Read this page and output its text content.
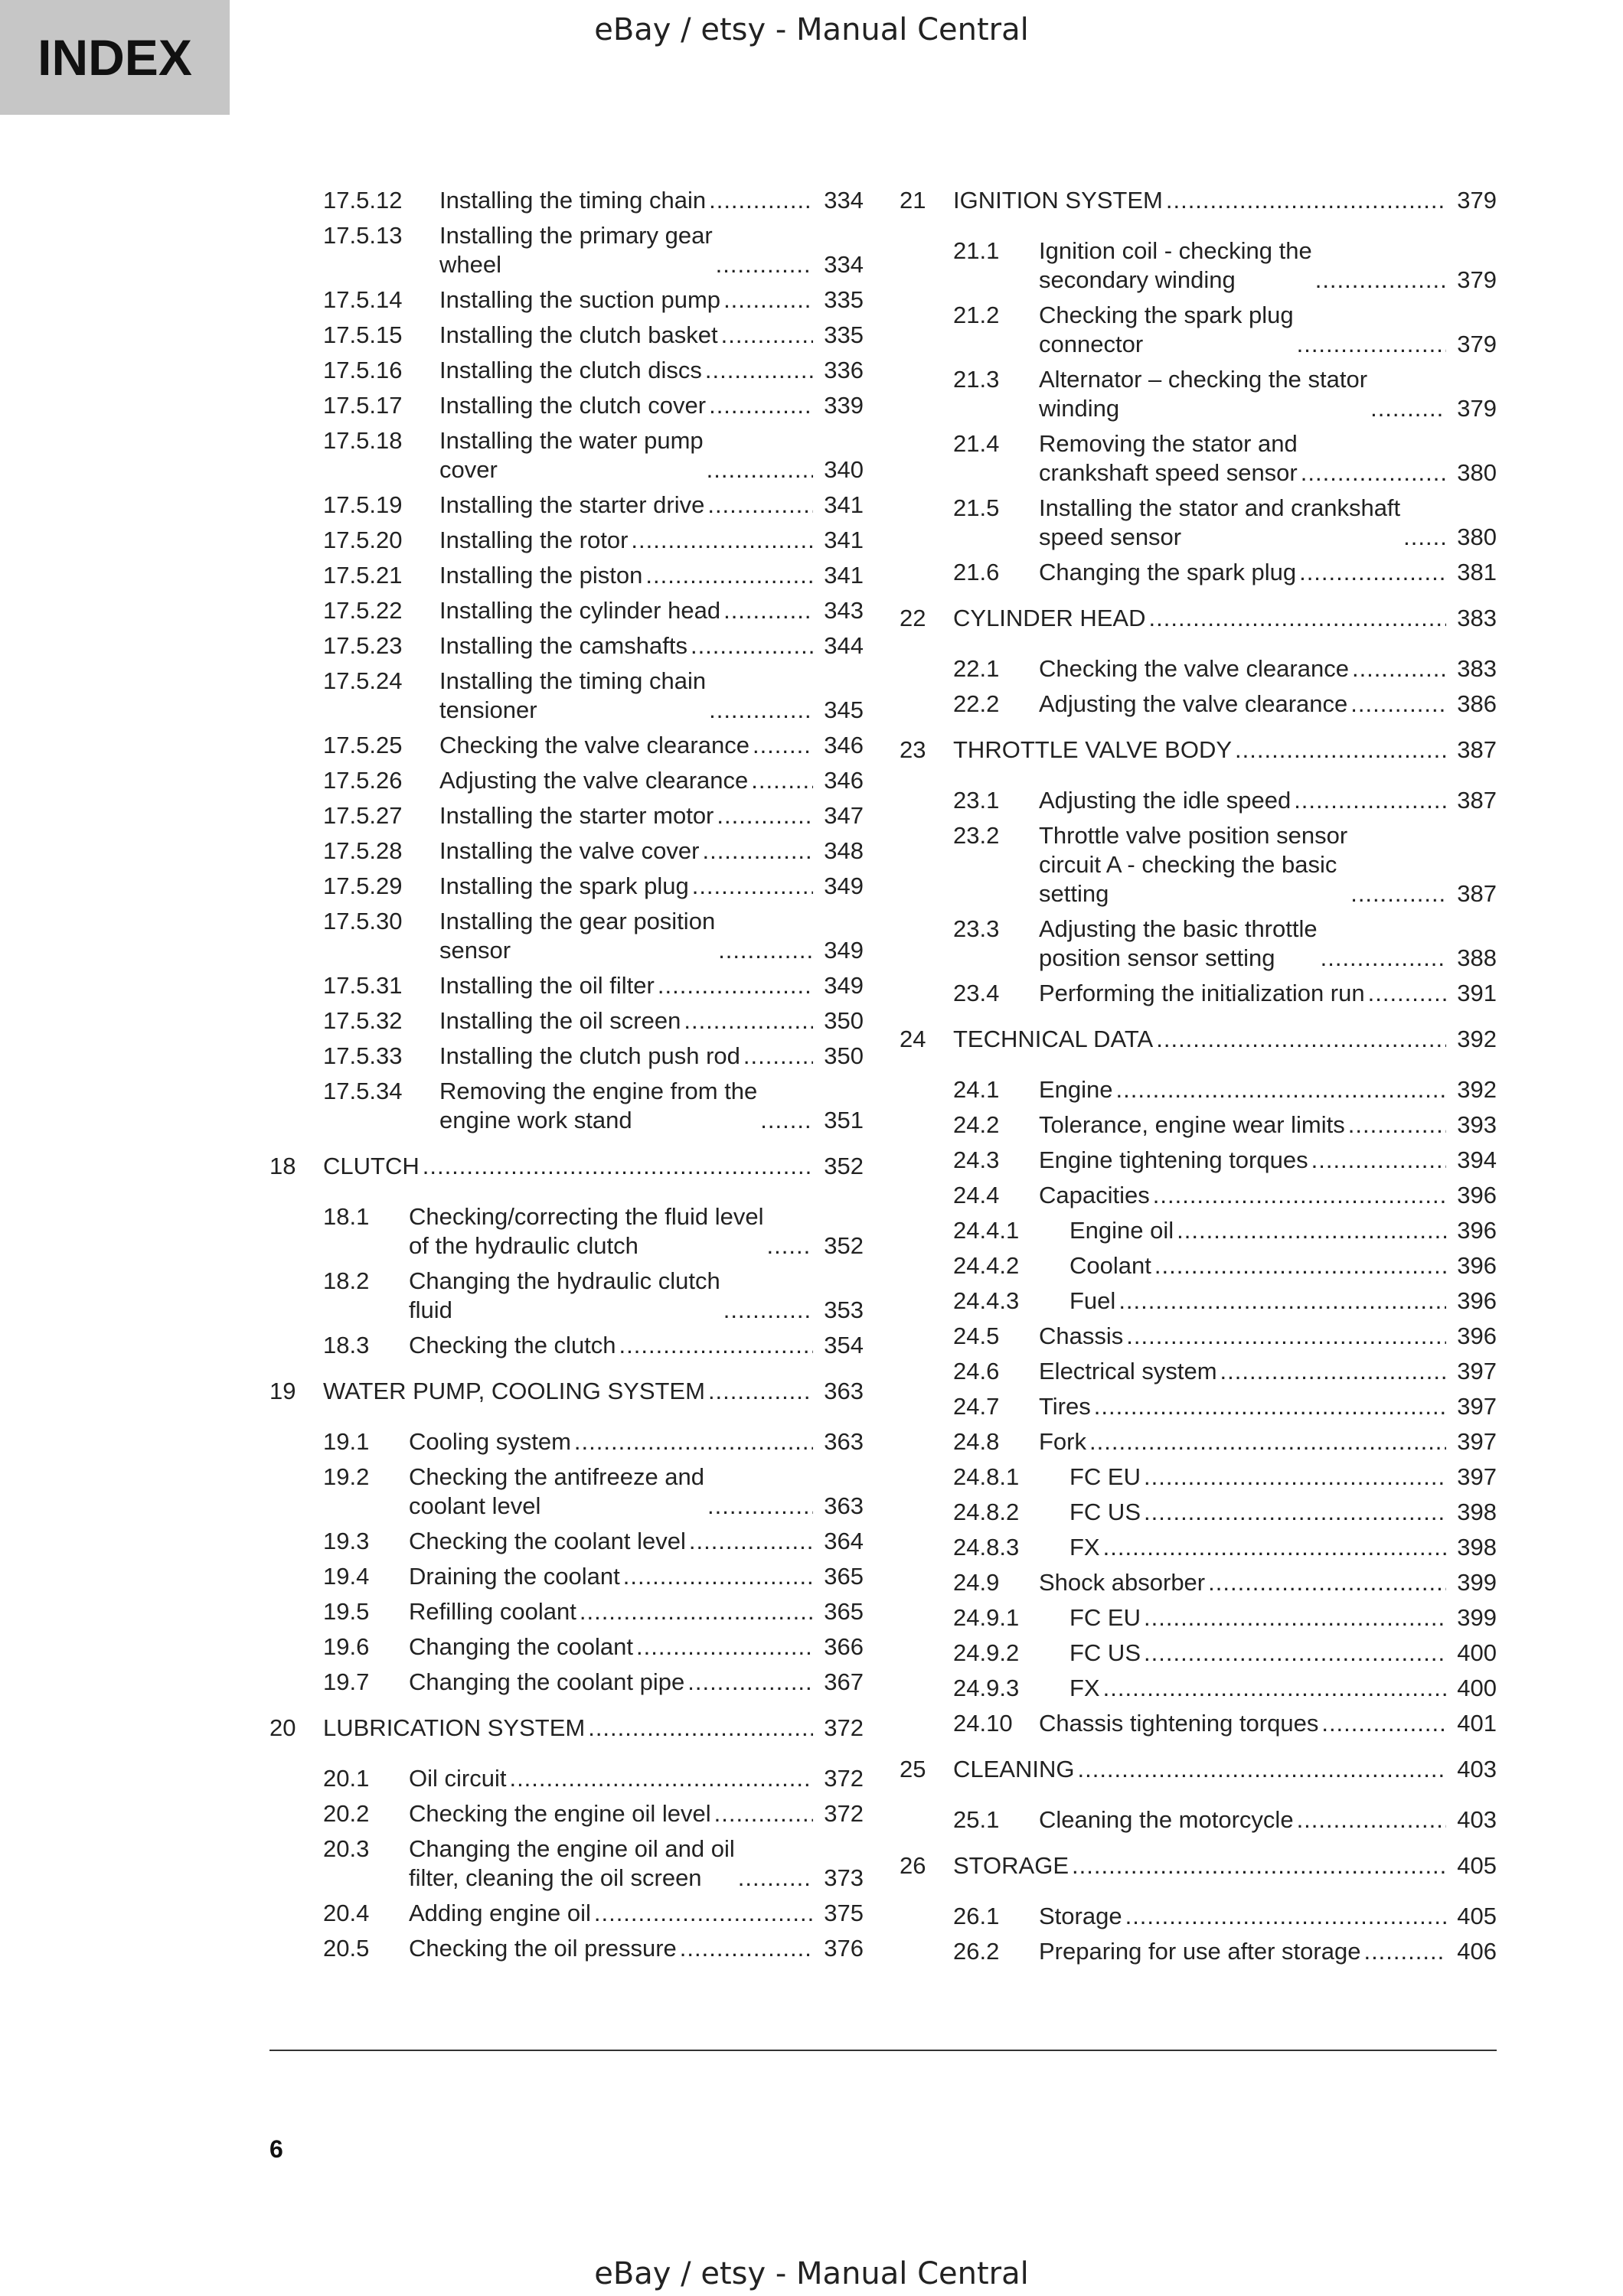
INDEX	eBay / etsy - Manual Central
17.5.12	Installing the timing chain .....	334
17.5.13	Installing the primary gear
wheel .....	334
17.5.14	Installing the suction pump .....	335
17.5.15	Installing the clutch basket .....	335
17.5.16	Installing the clutch discs .....	336
17.5.17	Installing the clutch cover .....	339
17.5.18	Installing the water pump
cover .....	340
17.5.19	Installing the starter drive .....	341
17.5.20	Installing the rotor .....	341
17.5.21	Installing the piston .....	341
17.5.22	Installing the cylinder head .....	343
17.5.23	Installing the camshafts .....	344
17.5.24	Installing the timing chain
tensioner .....	345
17.5.25	Checking the valve clearance .....	346
17.5.26	Adjusting the valve clearance .....	346
17.5.27	Installing the starter motor .....	347
17.5.28	Installing the valve cover .....	348
17.5.29	Installing the spark plug .....	349
17.5.30	Installing the gear position
sensor .....	349
17.5.31	Installing the oil filter .....	349
17.5.32	Installing the oil screen .....	350
17.5.33	Installing the clutch push rod .....	350
17.5.34	Removing the engine from the
engine work stand .....	351
18	CLUTCH .....	352
18.1	Checking/correcting the fluid level
of the hydraulic clutch .....	352
18.2	Changing the hydraulic clutch
fluid .....	353
18.3	Checking the clutch .....	354
19	WATER PUMP, COOLING SYSTEM .....	363
19.1	Cooling system .....	363
19.2	Checking the antifreeze and
coolant level .....	363
19.3	Checking the coolant level .....	364
19.4	Draining the coolant .....	365
19.5	Refilling coolant .....	365
19.6	Changing the coolant .....	366
19.7	Changing the coolant pipe .....	367
20	LUBRICATION SYSTEM .....	372
20.1	Oil circuit .....	372
20.2	Checking the engine oil level .....	372
20.3	Changing the engine oil and oil
filter, cleaning the oil screen .....	373
20.4	Adding engine oil .....	375
20.5	Checking the oil pressure .....	376
21	IGNITION SYSTEM .....	379
21.1	Ignition coil - checking the
secondary winding .....	379
21.2	Checking the spark plug
connector .....	379
21.3	Alternator – checking the stator
winding .....	379
21.4	Removing the stator and
crankshaft speed sensor .....	380
21.5	Installing the stator and crankshaft
speed sensor .....	380
21.6	Changing the spark plug .....	381
22	CYLINDER HEAD .....	383
22.1	Checking the valve clearance .....	383
22.2	Adjusting the valve clearance .....	386
23	THROTTLE VALVE BODY .....	387
23.1	Adjusting the idle speed .....	387
23.2	Throttle valve position sensor
circuit A - checking the basic
setting .....	387
23.3	Adjusting the basic throttle
position sensor setting .....	388
23.4	Performing the initialization run .....	391
24	TECHNICAL DATA .....	392
24.1	Engine .....	392
24.2	Tolerance, engine wear limits .....	393
24.3	Engine tightening torques .....	394
24.4	Capacities .....	396
24.4.1	Engine oil .....	396
24.4.2	Coolant .....	396
24.4.3	Fuel .....	396
24.5	Chassis .....	396
24.6	Electrical system .....	397
24.7	Tires .....	397
24.8	Fork .....	397
24.8.1	FC EU .....	397
24.8.2	FC US .....	398
24.8.3	FX .....	398
24.9	Shock absorber .....	399
24.9.1	FC EU .....	399
24.9.2	FC US .....	400
24.9.3	FX .....	400
24.10	Chassis tightening torques .....	401
25	CLEANING .....	403
25.1	Cleaning the motorcycle .....	403
26	STORAGE .....	405
26.1	Storage .....	405
26.2	Preparing for use after storage .....	406
6
eBay / etsy - Manual Central
